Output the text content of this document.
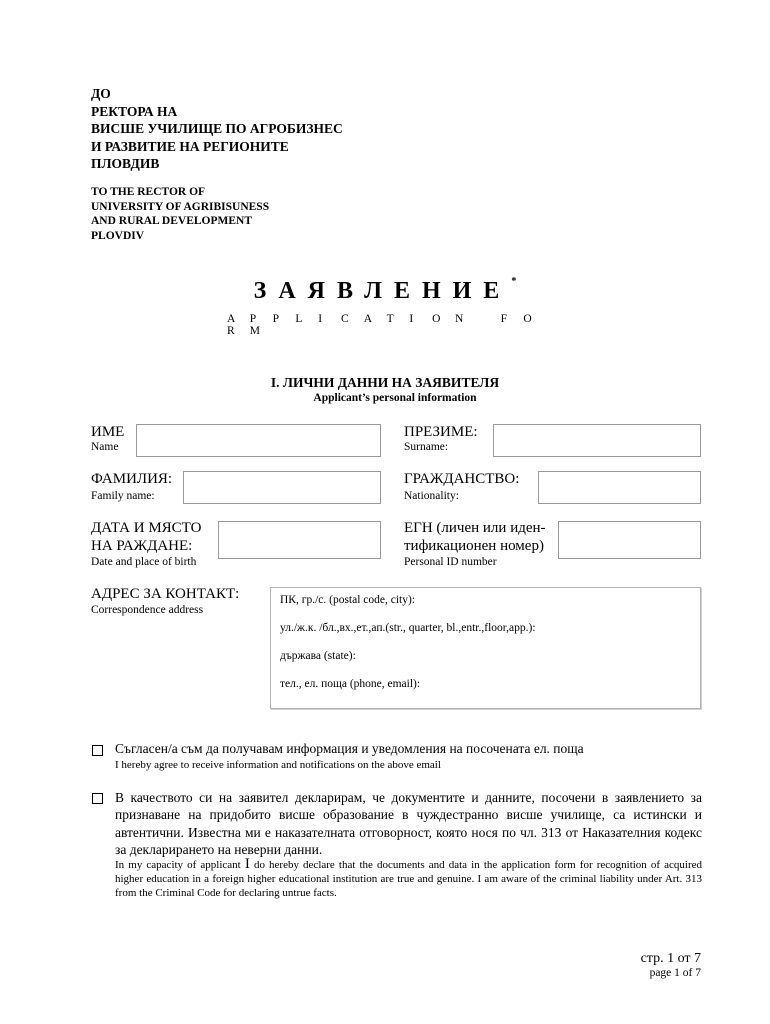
ДО
РЕКТОРА НА
ВИСШЕ УЧИЛИЩЕ ПО АГРОБИЗНЕС
И РАЗВИТИЕ НА РЕГИОНИТЕ
ПЛОВДИВ
TO THE RECTOR OF
UNIVERSITY OF AGRIBISUNESS
AND RURAL DEVELOPMENT
PLOVDIV
ЗАЯВЛЕНИЕ*
A P P L I C A T I O N	F OR M
I. ЛИЧНИ ДАННИ НА ЗАЯВИТЕЛЯ
Applicant’s personal information
ИМЕ
Name
ПРЕЗИМЕ:
Surname:
ФАМИЛИЯ:
Family name:
ГРАЖДАНСТВО:
Nationality:
ДАТА И МЯСТО
НА РАЖДАНЕ:
Date and place of birth
ЕГН (личен или иден-
тификационен номер)
Personal ID number
АДРЕС ЗА КОНТАКТ:
Correspondence address
ПК, гр./с. (postal code, city):
ул./ж.к. /бл.,вх.,ет.,ап.(str., quarter, bl.,entr.,floor,app.):
държава (state):
тел., ел. поща (phone, email):
Съгласен/а съм да получавам информация и уведомления на посочената ел. поща
I hereby agree to receive information and notifications on the above email
В качеството си на заявител декларирам, че документите и данните, посочени в заявлението за признаване на придобито висше образование в чуждестранно висше училище, са истински и автентични. Известна ми е наказателната отговорност, която нося по чл. 313 от Наказателния кодекс за декларирането на неверни данни.
In my capacity of applicant I do hereby declare that the documents and data in the application form for recognition of acquired higher education in a foreign higher educational institution are true and genuine. I am aware of the criminal liability under Art. 313 from the Criminal Code for declaring untrue facts.
стр. 1 от 7
page 1 of 7
